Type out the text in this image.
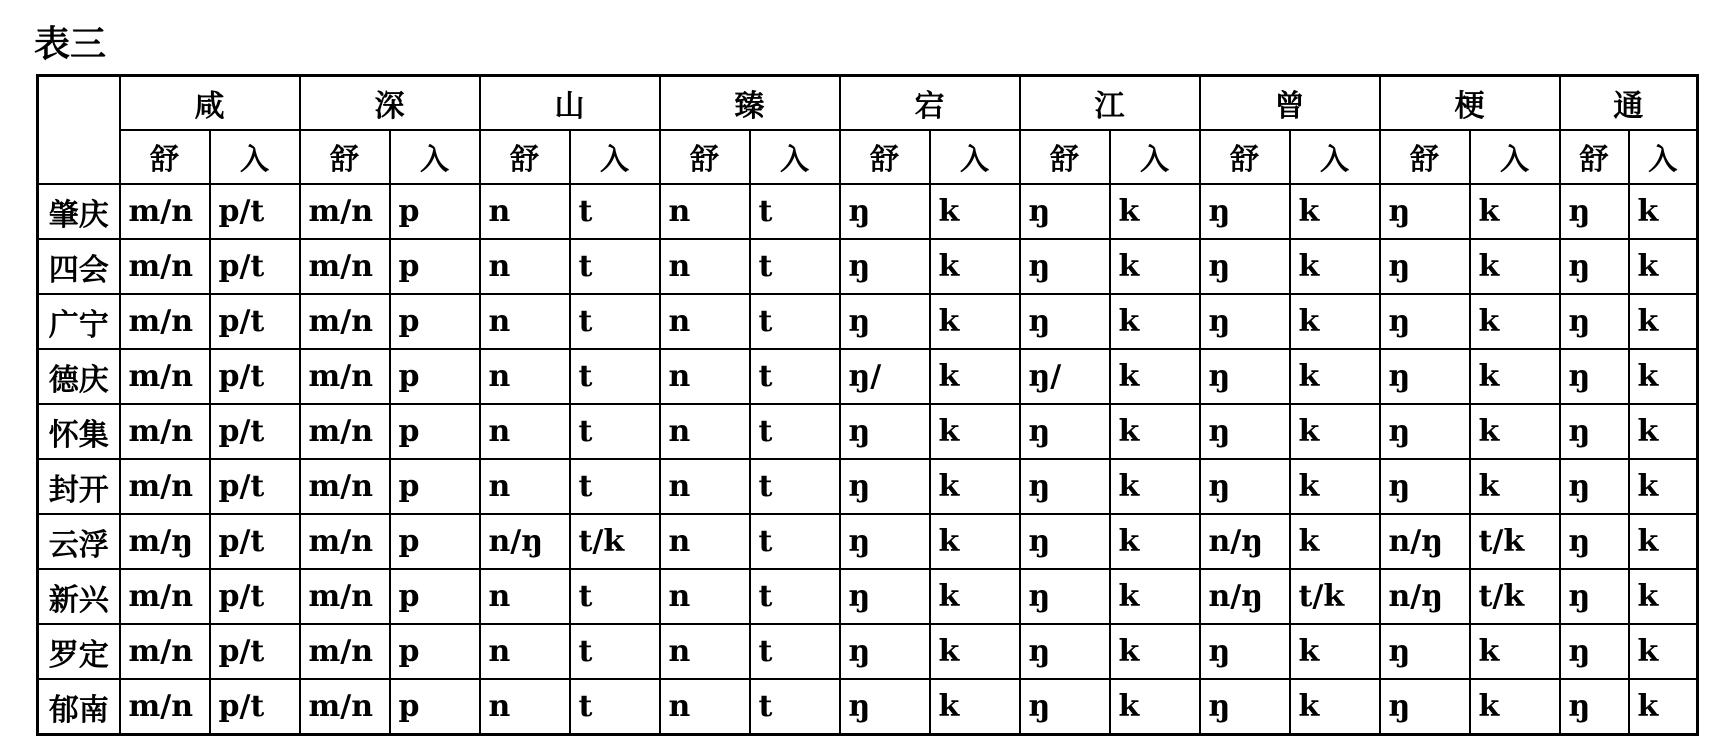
表三
	咸		深		山		臻		宕		江		曾		梗		通	
	舒	入	舒	入	舒	入	舒	入	舒	入	舒	入	舒	入	舒	入	舒	入
肇庆	m/n	p/t	m/n	p	n	t	n	t	ŋ	k	ŋ	k	ŋ	k	ŋ	k	ŋ	k
四会	m/n	p/t	m/n	p	n	t	n	t	ŋ	k	ŋ	k	ŋ	k	ŋ	k	ŋ	k
广宁	m/n	p/t	m/n	p	n	t	n	t	ŋ	k	ŋ	k	ŋ	k	ŋ	k	ŋ	k
德庆	m/n	p/t	m/n	p	n	t	n	t	ŋ/	k	ŋ/	k	ŋ	k	ŋ	k	ŋ	k
怀集	m/n	p/t	m/n	p	n	t	n	t	ŋ	k	ŋ	k	ŋ	k	ŋ	k	ŋ	k
封开	m/n	p/t	m/n	p	n	t	n	t	ŋ	k	ŋ	k	ŋ	k	ŋ	k	ŋ	k
云浮	m/ŋ	p/t	m/n	p	n/ŋ	t/k	n	t	ŋ	k	ŋ	k	n/ŋ	k	n/ŋ	t/k	ŋ	k
新兴	m/n	p/t	m/n	p	n	t	n	t	ŋ	k	ŋ	k	n/ŋ	t/k	n/ŋ	t/k	ŋ	k
罗定	m/n	p/t	m/n	p	n	t	n	t	ŋ	k	ŋ	k	ŋ	k	ŋ	k	ŋ	k
郁南	m/n	p/t	m/n	p	n	t	n	t	ŋ	k	ŋ	k	ŋ	k	ŋ	k	ŋ	k
